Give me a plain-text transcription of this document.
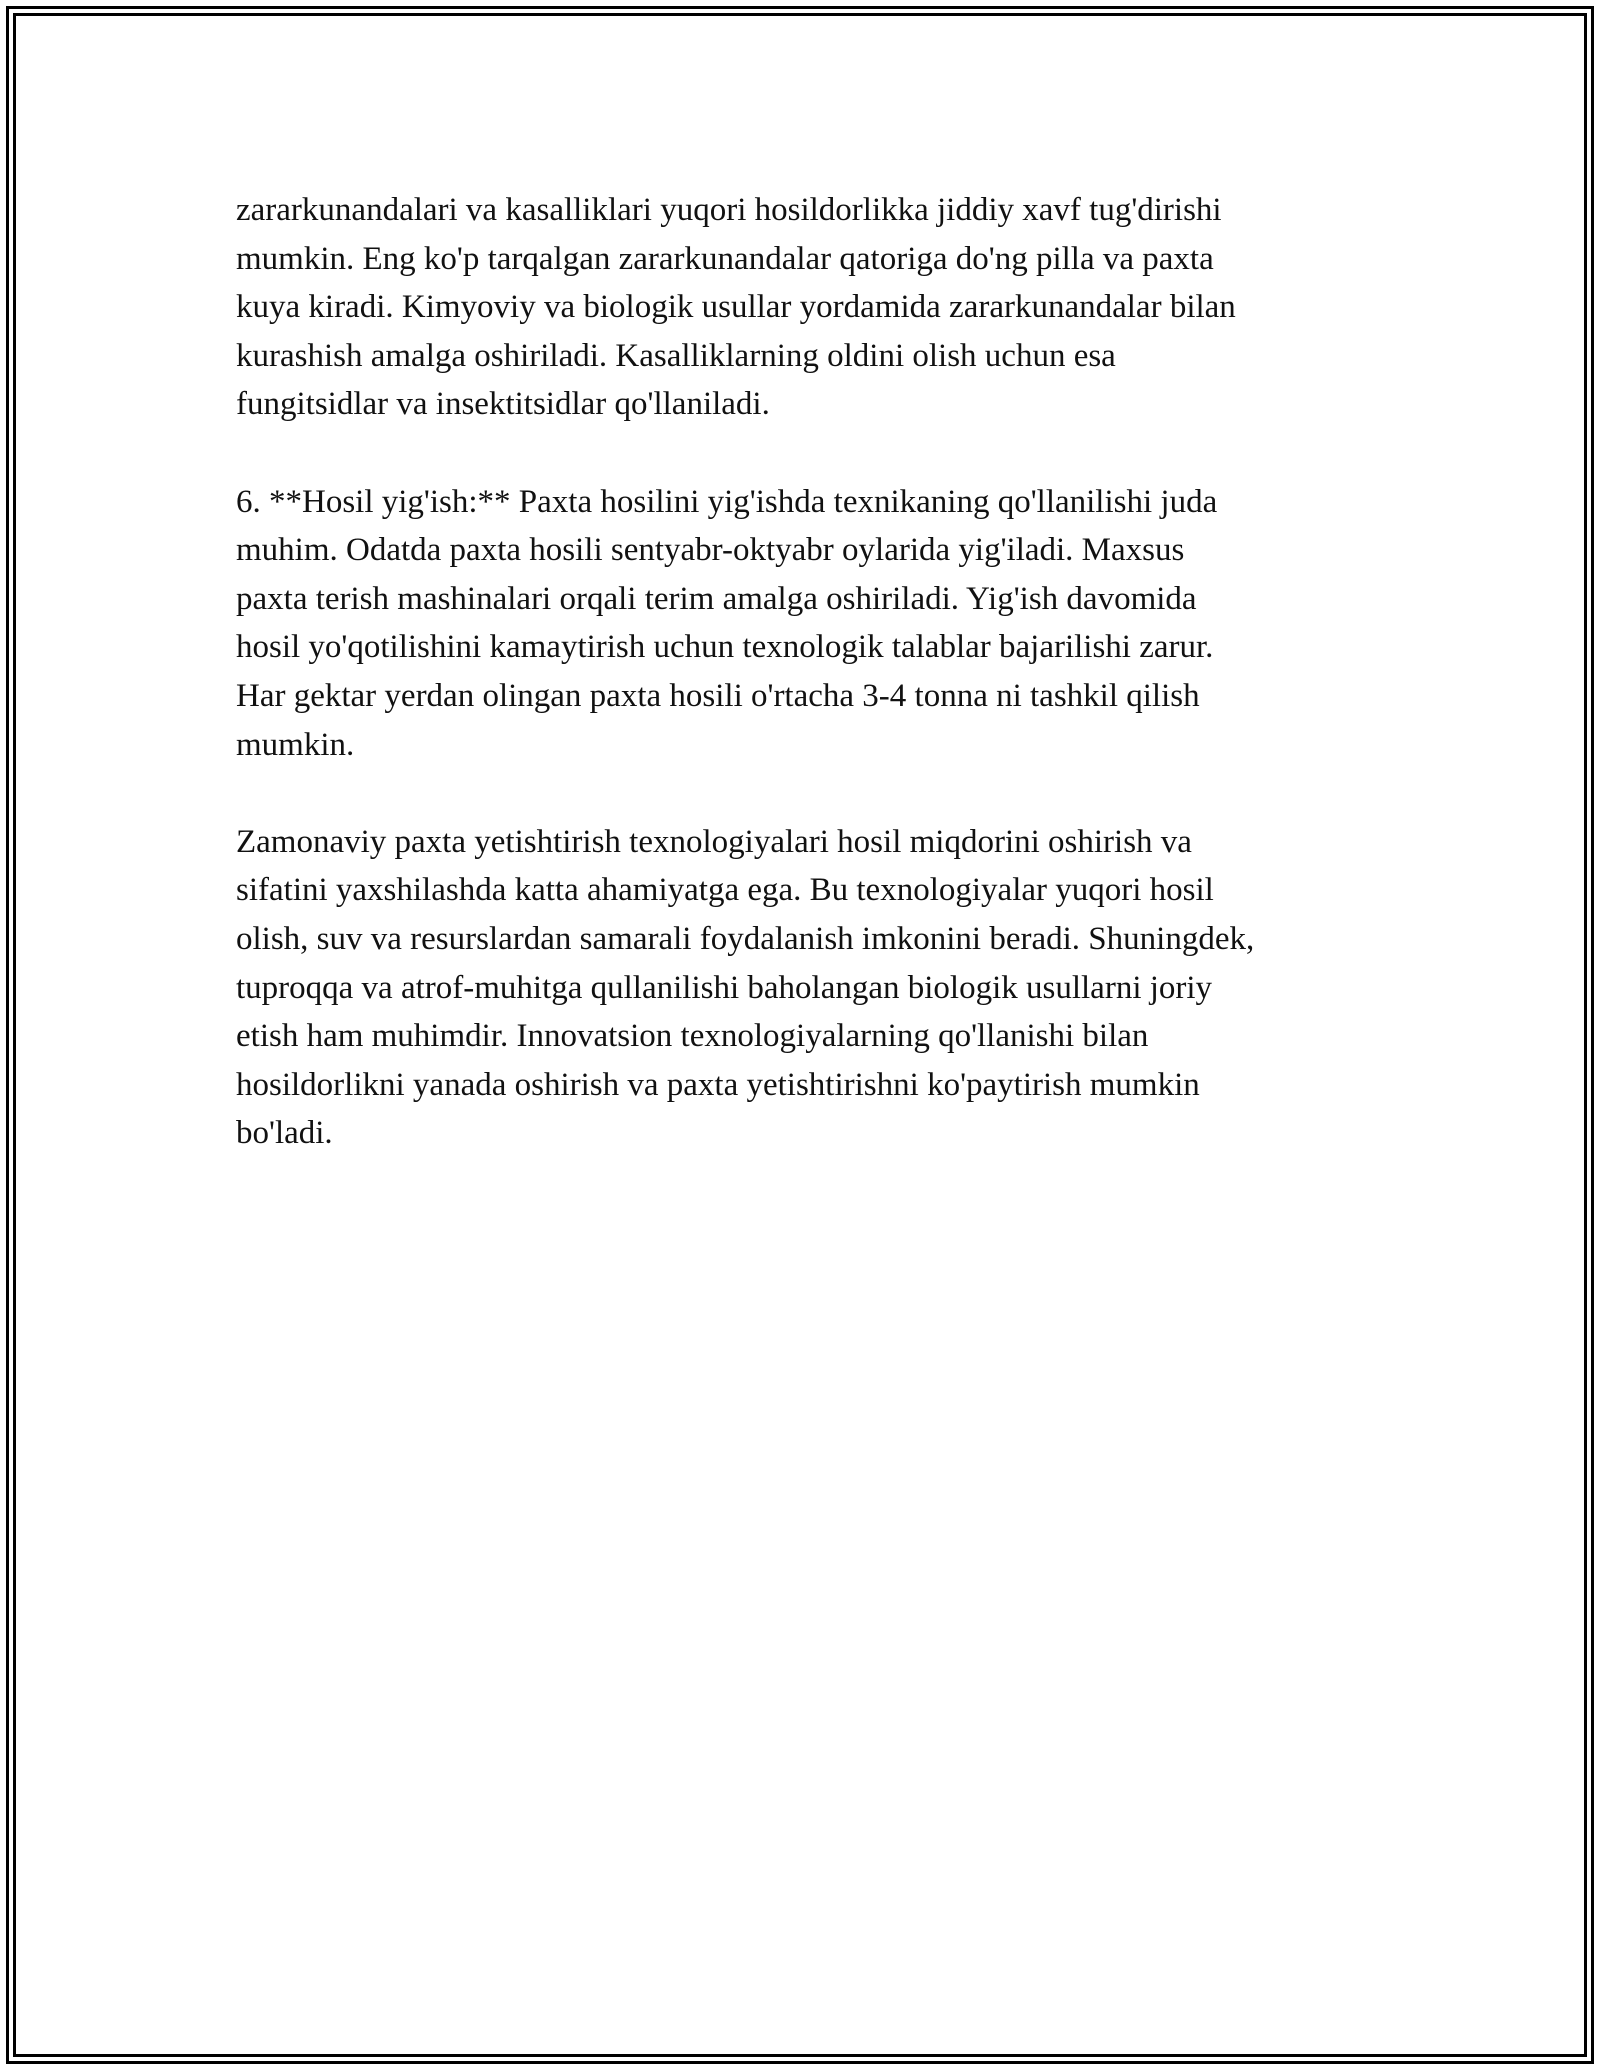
zararkunandalari va kasalliklari yuqori hosildorlikka jiddiy xavf tug'dirishi
mumkin. Eng ko'p tarqalgan zararkunandalar qatoriga do'ng pilla va paxta
kuya kiradi. Kimyoviy va biologik usullar yordamida zararkunandalar bilan
kurashish amalga oshiriladi. Kasalliklarning oldini olish uchun esa
fungitsidlar va insektitsidlar qo'llaniladi.

6. **Hosil yig'ish:** Paxta hosilini yig'ishda texnikaning qo'llanilishi juda
muhim. Odatda paxta hosili sentyabr-oktyabr oylarida yig'iladi. Maxsus
paxta terish mashinalari orqali terim amalga oshiriladi. Yig'ish davomida
hosil yo'qotilishini kamaytirish uchun texnologik talablar bajarilishi zarur.
Har gektar yerdan olingan paxta hosili o'rtacha 3-4 tonna ni tashkil qilish
mumkin.

Zamonaviy paxta yetishtirish texnologiyalari hosil miqdorini oshirish va
sifatini yaxshilashda katta ahamiyatga ega. Bu texnologiyalar yuqori hosil
olish, suv va resurslardan samarali foydalanish imkonini beradi. Shuningdek,
tuproqqa va atrof-muhitga qullanilishi baholangan biologik usullarni joriy
etish ham muhimdir. Innovatsion texnologiyalarning qo'llanishi bilan
hosildorlikni yanada oshirish va paxta yetishtirishni ko'paytirish mumkin
bo'ladi.
